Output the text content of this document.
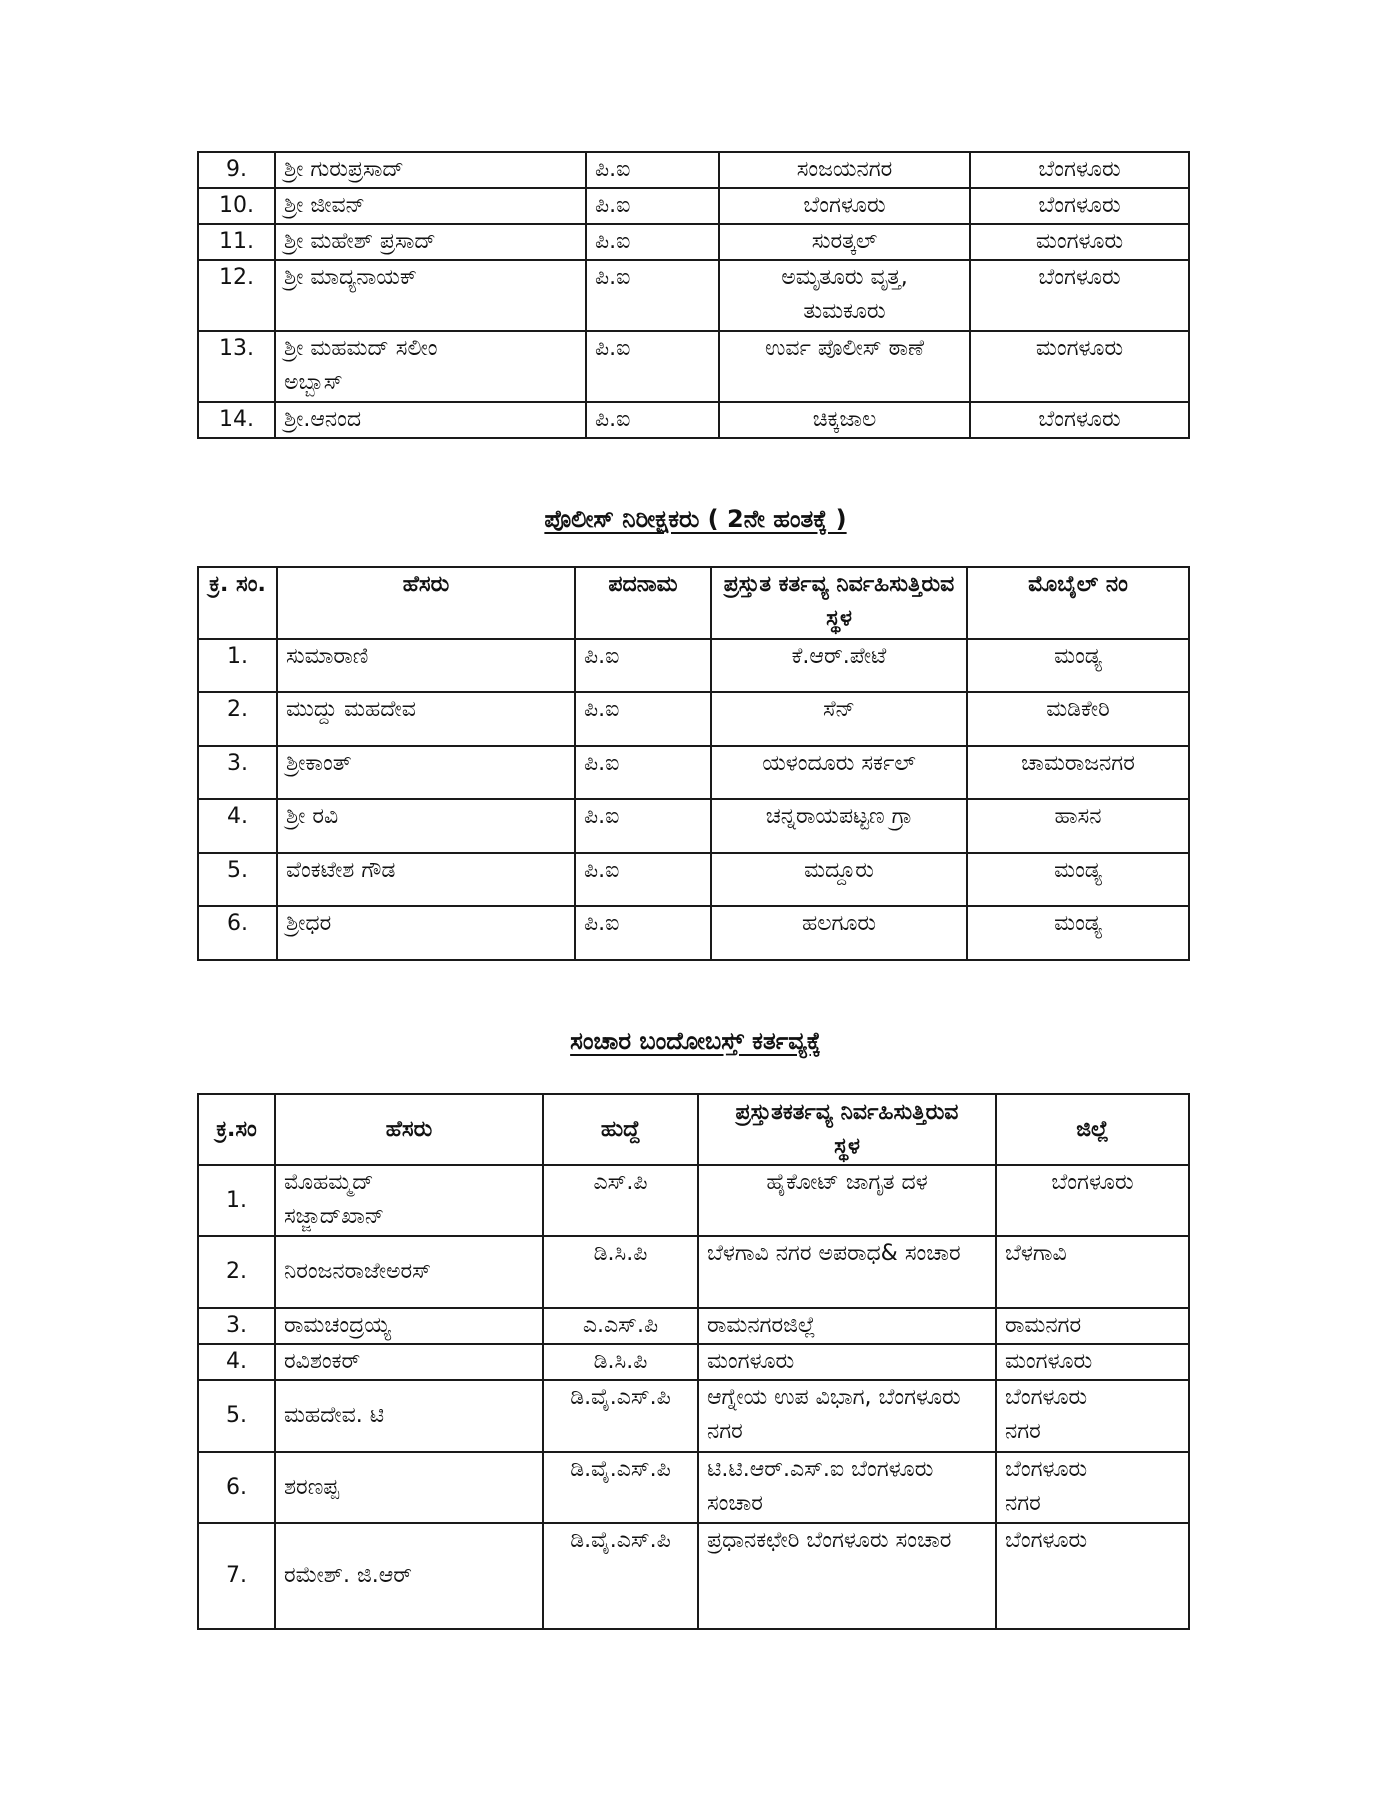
9.	ಶ್ರೀ ಗುರುಪ್ರಸಾದ್	ಪಿ.ಐ	ಸಂಜಯನಗರ	ಬೆಂಗಳೂರು
10.	ಶ್ರೀ ಜೀವನ್	ಪಿ.ಐ	ಬೆಂಗಳೂರು	ಬೆಂಗಳೂರು
11.	ಶ್ರೀ ಮಹೇಶ್ ಪ್ರಸಾದ್	ಪಿ.ಐ	ಸುರತ್ಕಲ್	ಮಂಗಳೂರು
12.	ಶ್ರೀ ಮಾದ್ಯನಾಯಕ್	ಪಿ.ಐ	ಅಮೃತೂರು ವೃತ್ತ, ತುಮಕೂರು	ಬೆಂಗಳೂರು
13.	ಶ್ರೀ ಮಹಮದ್ ಸಲೀಂ ಅಬ್ಬಾಸ್	ಪಿ.ಐ	ಉರ್ವ ಪೊಲೀಸ್ ಠಾಣೆ	ಮಂಗಳೂರು
14.	ಶ್ರೀ.ಆನಂದ	ಪಿ.ಐ	ಚಿಕ್ಕಜಾಲ	ಬೆಂಗಳೂರು
ಪೊಲೀಸ್ ನಿರೀಕ್ಷಕರು ( 2ನೇ ಹಂತಕ್ಕೆ )
ಕ್ರ. ಸಂ.	ಹೆಸರು	ಪದನಾಮ	ಪ್ರಸ್ತುತ ಕರ್ತವ್ಯ ನಿರ್ವಹಿಸುತ್ತಿರುವ ಸ್ಥಳ	ಮೊಬೈಲ್ ನಂ
1.	ಸುಮಾರಾಣಿ	ಪಿ.ಐ	ಕೆ.ಆರ್.ಪೇಟೆ	ಮಂಡ್ಯ
2.	ಮುದ್ದು ಮಹದೇವ	ಪಿ.ಐ	ಸೆನ್	ಮಡಿಕೇರಿ
3.	ಶ್ರೀಕಾಂತ್	ಪಿ.ಐ	ಯಳಂದೂರು ಸರ್ಕಲ್	ಚಾಮರಾಜನಗರ
4.	ಶ್ರೀ ರವಿ	ಪಿ.ಐ	ಚನ್ನರಾಯಪಟ್ಟಣ ಗ್ರಾ	ಹಾಸನ
5.	ವೆಂಕಟೇಶ ಗೌಡ	ಪಿ.ಐ	ಮದ್ದೂರು	ಮಂಡ್ಯ
6.	ಶ್ರೀಧರ	ಪಿ.ಐ	ಹಲಗೂರು	ಮಂಡ್ಯ
ಸಂಚಾರ ಬಂದೋಬಸ್ತ್ ಕರ್ತವ್ಯಕ್ಕೆ
ಕ್ರ.ಸಂ	ಹೆಸರು	ಹುದ್ದೆ	ಪ್ರಸ್ತುತಕರ್ತವ್ಯ ನಿರ್ವಹಿಸುತ್ತಿರುವ ಸ್ಥಳ	ಜಿಲ್ಲೆ
1.	ಮೊಹಮ್ಮದ್ ಸಜ್ಜಾದ್‌ಖಾನ್	ಎಸ್.ಪಿ	ಹೈಕೋಟ್ ಜಾಗೃತ ದಳ	ಬೆಂಗಳೂರು
2.	ನಿರಂಜನರಾಜೇಅರಸ್	ಡಿ.ಸಿ.ಪಿ	ಬೆಳಗಾವಿ ನಗರ ಅಪರಾಧ& ಸಂಚಾರ	ಬೆಳಗಾವಿ
3.	ರಾಮಚಂದ್ರಯ್ಯ	ಎ.ಎಸ್.ಪಿ	ರಾಮನಗರಜಿಲ್ಲೆ	ರಾಮನಗರ
4.	ರವಿಶಂಕರ್	ಡಿ.ಸಿ.ಪಿ	ಮಂಗಳೂರು	ಮಂಗಳೂರು
5.	ಮಹದೇವ. ಟಿ	ಡಿ.ವೈ.ಎಸ್.ಪಿ	ಆಗ್ನೇಯ ಉಪ ವಿಭಾಗ, ಬೆಂಗಳೂರು ನಗರ	ಬೆಂಗಳೂರು ನಗರ
6.	ಶರಣಪ್ಪ	ಡಿ.ವೈ.ಎಸ್.ಪಿ	ಟಿ.ಟಿ.ಆರ್.ಎಸ್.ಐ ಬೆಂಗಳೂರು ಸಂಚಾರ	ಬೆಂಗಳೂರು ನಗರ
7.	ರಮೇಶ್. ಜಿ.ಆರ್	ಡಿ.ವೈ.ಎಸ್.ಪಿ	ಪ್ರಧಾನಕಛೇರಿ ಬೆಂಗಳೂರು ಸಂಚಾರ	ಬೆಂಗಳೂರು
